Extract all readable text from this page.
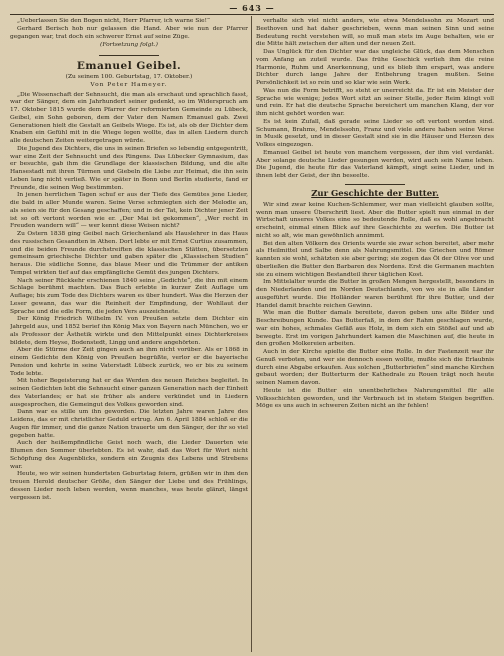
— 643 —

„Ueberlassen Sie den Bogen nicht, Herr Pfarrer, ich warne Sie!“

Gerhard Berisch hob nur gelassen die Hand. Aber wie nun der Pfarrer gegangen war, trat doch ein schwerer Ernst auf seine Züge.

(Fortsetzung folgt.)

Emanuel Geibel.

(Zu seinem 100. Geburtstag, 17. Oktober.)

Von Peter Hameyer.

„Die Wissenschaft der Sehnsucht, die man als erschaut und sprachlich fasst, war der Sänger, dem ein Jahrhundert seiner gedenkt, so im Widerspruch am 17. Oktober 1815 wurde dem Pfarrer der reformierten Gemeinde zu Lübeck, Geibel, ein Sohn geboren, dem der Vater den Namen Emanuel gab. Zwei Generationen hielt die Gestalt an Geibels Wiege. Es ist, als ob der Dichter dem Knaben ein Gefühl mit in die Wiege legen wollte, das in allen Liedern durch alle deutschen Zeiten weitergetragen würde.

Die Jugend des Dichters, die uns in seinen Briefen so lebendig entgegentritt, war eine Zeit der Sehnsucht und des Ringens. Das Lübecker Gymnasium, das er besuchte, gab ihm die Grundlage der klassischen Bildung, und die alte Hansestadt mit ihren Türmen und Giebeln die Liebe zur Heimat, die ihn sein Leben lang nicht verließ. Wie er später in Bonn und Berlin studierte, fand er Freunde, die seinen Weg bestimmten.

In jenen herrlichen Tagen schuf er aus der Tiefe des Gemütes jene Lieder, die bald in aller Munde waren. Seine Verse schmiegten sich der Melodie an, als seien sie für den Gesang geschaffen; und in der Tat, kein Dichter jener Zeit ist so oft vertont worden wie er. „Der Mai ist gekommen“, „Wer recht in Freuden wandern will“ — wer kennt diese Weisen nicht?

Zu Ostern 1838 ging Geibel nach Griechenland als Hauslehrer in das Haus des russischen Gesandten in Athen. Dort lebte er mit Ernst Curtius zusammen, und die beiden Freunde durchstreiften die klassischen Stätten, übersetzten gemeinsam griechische Dichter und gaben später die „Klassischen Studien“ heraus. Die südliche Sonne, das blaue Meer und die Trümmer der antiken Tempel wirkten tief auf das empfängliche Gemüt des jungen Dichters.

Nach seiner Rückkehr erschienen 1840 seine „Gedichte“, die ihn mit einem Schlage berühmt machten. Das Buch erlebte in kurzer Zeit Auflage um Auflage; bis zum Tode des Dichters waren es über hundert. Was die Herzen der Leser gewann, das war die Reinheit der Empfindung, der Wohllaut der Sprache und die edle Form, die jeden Vers auszeichnete.

Der König Friedrich Wilhelm IV. von Preußen setzte dem Dichter ein Jahrgeld aus, und 1852 berief ihn König Max von Bayern nach München, wo er als Professor der Ästhetik wirkte und den Mittelpunkt eines Dichterkreises bildete, dem Heyse, Bodenstedt, Lingg und andere angehörten.

Aber die Stürme der Zeit gingen auch an ihm nicht vorüber. Als er 1868 in einem Gedichte den König von Preußen begrüßte, verlor er die bayerische Pension und kehrte in seine Vaterstadt Lübeck zurück, wo er bis zu seinem Tode lebte.

Mit hoher Begeisterung hat er das Werden des neuen Reiches begleitet. In seinen Gedichten lebt die Sehnsucht einer ganzen Generation nach der Einheit des Vaterlandes; er hat sie früher als andere verkündet und in Liedern ausgesprochen, die Gemeingut des Volkes geworden sind.

Dann war es stille um ihn geworden. Die letzten Jahre waren Jahre des Leidens, das er mit christlicher Geduld ertrug. Am 6. April 1884 schloß er die Augen für immer, und die ganze Nation trauerte um den Sänger, der ihr so viel gegeben hatte.

Auch der heißempfindliche Geist noch wach, die Lieder Dauerten wie Blumen den Sommer überlebten. Es ist wahr, daß das Wort für Wort nicht Schöpfung des Augenblicks, sondern ein Zeugnis des Lebens und Strebens war.

Heute, wo wir seinen hundertsten Geburtstag feiern, grüßen wir in ihm den treuen Herold deutscher Größe, den Sänger der Liebe und des Frühlings, dessen Lieder noch leben werden, wenn manches, was heute glänzt, längst vergessen ist.

verhalte sich viel nicht anders, wie etwa Mendelssohn zu Mozart und Beethoven und hat daher geschrieben, wenn man seinen Sinn und seine Bedeutung recht verstehen will, so muß man stets im Auge behalten, wie er die Mitte hält zwischen der alten und der neuen Zeit.

Das Unglück für den Dichter war das ungleiche Glück, das dem Menschen vom Anfang an zuteil wurde. Das frühe Geschick verlieh ihm die reine Harmonie, Ruhm und Anerkennung, und es blieb ihm erspart, was andere Dichter durch lange Jahre der Entbehrung tragen mußten. Seine Persönlichkeit ist so rein und so klar wie sein Werk.

Was nun die Form betrifft, so steht er unerreicht da. Er ist ein Meister der Sprache wie wenige; jedes Wort sitzt an seiner Stelle, jeder Reim klingt voll und rein. Er hat die deutsche Sprache bereichert um manchen Klang, der vor ihm nicht gehört worden war.

Es ist kein Zufall, daß gerade seine Lieder so oft vertont worden sind. Schumann, Brahms, Mendelssohn, Franz und viele andere haben seine Verse in Musik gesetzt, und in dieser Gestalt sind sie in die Häuser und Herzen des Volkes eingezogen.

Emanuel Geibel ist heute von manchem vergessen, der ihm viel verdankt. Aber solange deutsche Lieder gesungen werden, wird auch sein Name leben. Die Jugend, die heute für das Vaterland kämpft, singt seine Lieder, und in ihnen lebt der Geist, der ihn beseelte.

Zur Geschichte der Butter.

Wir sind zwar keine Kuchen-Schlemmer, wer man vielleicht glauben sollte, wenn man unsere Überschrift liest. Aber die Butter spielt nun einmal in der Wirtschaft unseres Volkes eine so bedeutende Rolle, daß es wohl angebracht erscheint, einmal einen Blick auf ihre Geschichte zu werfen. Die Butter ist nicht so alt, wie man gewöhnlich annimmt.

Bei den alten Völkern des Orients wurde sie zwar schon bereitet, aber mehr als Heilmittel und Salbe denn als Nahrungsmittel. Die Griechen und Römer kannten sie wohl, schätzten sie aber gering; sie zogen das Öl der Olive vor und überließen die Butter den Barbaren des Nordens. Erst die Germanen machten sie zu einem wichtigen Bestandteil ihrer täglichen Kost.

Im Mittelalter wurde die Butter in großen Mengen hergestellt, besonders in den Niederlanden und im Norden Deutschlands, von wo sie in alle Länder ausgeführt wurde. Die Holländer waren berühmt für ihre Butter, und der Handel damit brachte reichen Gewinn.

Wie man die Butter damals bereitete, davon geben uns alte Bilder und Beschreibungen Kunde. Das Butterfaß, in dem der Rahm geschlagen wurde, war ein hohes, schmales Gefäß aus Holz, in dem sich ein Stößel auf und ab bewegte. Erst im vorigen Jahrhundert kamen die Maschinen auf, die heute in den großen Molkereien arbeiten.

Auch in der Kirche spielte die Butter eine Rolle. In der Fastenzeit war ihr Genuß verboten, und wer sie dennoch essen wollte, mußte sich die Erlaubnis durch eine Abgabe erkaufen. Aus solchen „Butterbriefen“ sind manche Kirchen gebaut worden; der Butterturm der Kathedrale zu Rouen trägt noch heute seinen Namen davon.

Heute ist die Butter ein unentbehrliches Nahrungsmittel für alle Volksschichten geworden, und ihr Verbrauch ist in stetem Steigen begriffen. Möge es uns auch in schweren Zeiten nicht an ihr fehlen!
